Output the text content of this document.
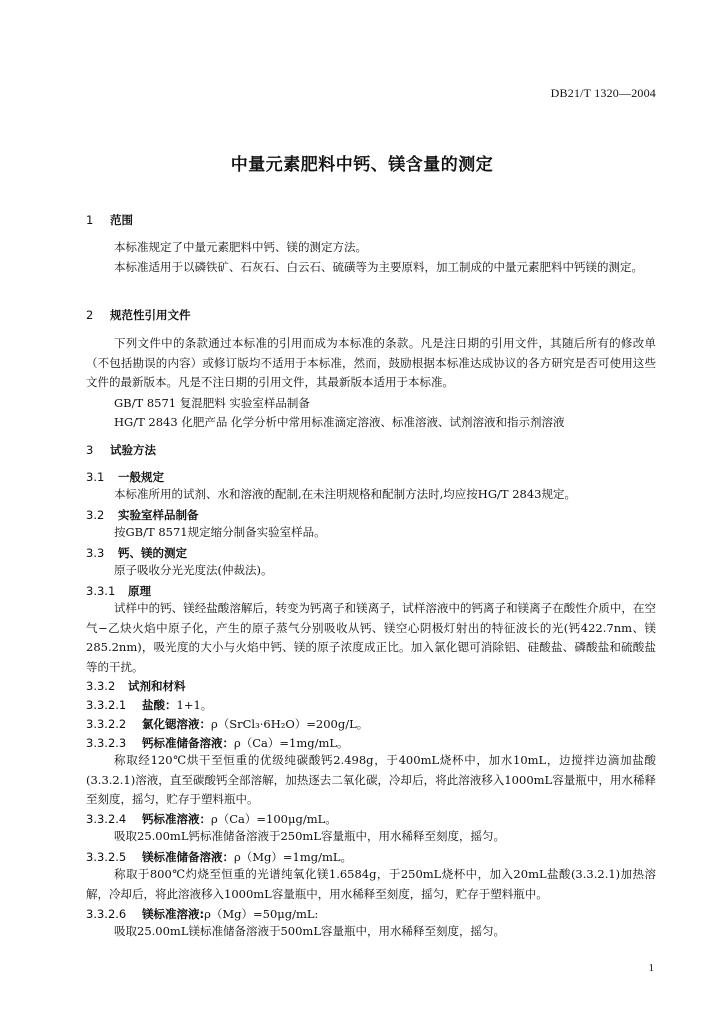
DB21/T 1320—2004
中量元素肥料中钙、镁含量的测定
1 范围
本标准规定了中量元素肥料中钙、镁的测定方法。
本标准适用于以磷铁矿、石灰石、白云石、硫磺等为主要原料，加工制成的中量元素肥料中钙镁的测定。
2 规范性引用文件
下列文件中的条款通过本标准的引用而成为本标准的条款。凡是注日期的引用文件，其随后所有的修改单（不包括勘误的内容）或修订版均不适用于本标准，然而，鼓励根据本标准达成协议的各方研究是否可使用这些文件的最新版本。凡是不注日期的引用文件，其最新版本适用于本标准。
GB/T 8571 复混肥料 实验室样品制备
HG/T 2843 化肥产品 化学分析中常用标准滴定溶液、标准溶液、试剂溶液和指示剂溶液
3 试验方法
3.1 一般规定
本标准所用的试剂、水和溶液的配制,在未注明规格和配制方法时,均应按HG/T 2843规定。
3.2 实验室样品制备
按GB/T 8571规定缩分制备实验室样品。
3.3 钙、镁的测定
原子吸收分光光度法(仲裁法)。
3.3.1 原理
试样中的钙、镁经盐酸溶解后，转变为钙离子和镁离子，试样溶液中的钙离子和镁离子在酸性介质中，在空气−乙炔火焰中原子化，产生的原子蒸气分别吸收从钙、镁空心阴极灯射出的特征波长的光(钙422.7nm、镁285.2nm)，吸光度的大小与火焰中钙、镁的原子浓度成正比。加入氯化锶可消除铝、硅酸盐、磷酸盐和硫酸盐等的干扰。
3.3.2 试剂和材料
3.3.2.1 盐酸：1+1。
3.3.2.2 氯化锶溶液：ρ（SrCl₃·6H₂O）=200g/L。
3.3.2.3 钙标准储备溶液：ρ（Ca）=1mg/mL。
称取经120℃烘干至恒重的优级纯碳酸钙2.498g，于400mL烧杯中，加水10mL，边搅拌边滴加盐酸(3.3.2.1)溶液，直至碳酸钙全部溶解，加热逐去二氧化碳，冷却后，将此溶液移入1000mL容量瓶中，用水稀释至刻度，摇匀，贮存于塑料瓶中。
3.3.2.4 钙标准溶液：ρ（Ca）=100μg/mL。
吸取25.00mL钙标准储备溶液于250mL容量瓶中，用水稀释至刻度，摇匀。
3.3.2.5 镁标准储备溶液：ρ（Mg）=1mg/mL。
称取于800℃灼烧至恒重的光谱纯氧化镁1.6584g，于250mL烧杯中，加入20mL盐酸(3.3.2.1)加热溶解，冷却后，将此溶液移入1000mL容量瓶中，用水稀释至刻度，摇匀，贮存于塑料瓶中。
3.3.2.6 镁标准溶液:ρ（Mg）=50μg/mL:
吸取25.00mL镁标准储备溶液于500mL容量瓶中，用水稀释至刻度，摇匀。
1
